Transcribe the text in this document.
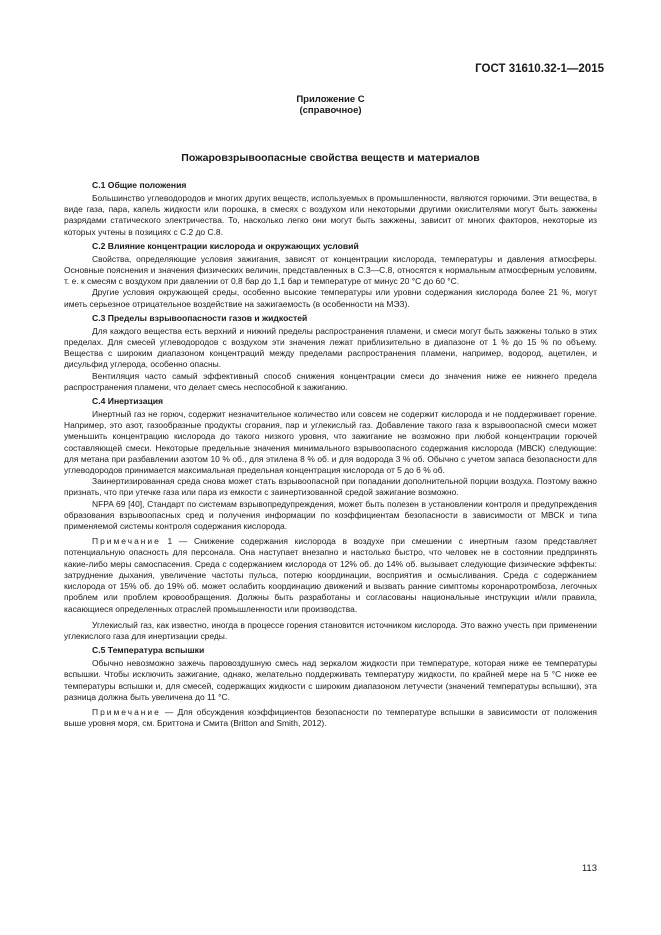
ГОСТ 31610.32-1—2015
Приложение С
(справочное)
Пожаровзрывоопасные свойства веществ и материалов
С.1 Общие положения

Большинство углеводородов и многих других веществ, используемых в промышленности, являются горючими. Эти вещества, в виде газа, пара, капель жидкости или порошка, в смесях с воздухом или некоторыми другими окислителями могут быть зажжены разрядами статического электричества. То, насколько легко они могут быть зажжены, зависит от многих факторов, некоторые из которых учтены в позициях с С.2 до С.8.

С.2 Влияние концентрации кислорода и окружающих условий

Свойства, определяющие условия зажигания, зависят от концентрации кислорода, температуры и давления атмосферы. Основные пояснения и значения физических величин, представленных в С.3—С.8, относятся к нормальным атмосферным условиям, т. е. к смесям с воздухом при давлении от 0,8 бар до 1,1 бар и температуре от минус 20 °С до 60 °С.

Другие условия окружающей среды, особенно высокие температуры или уровни содержания кислорода более 21 %, могут иметь серьезное отрицательное воздействие на зажигаемость (в особенности на МЭЗ).

С.3 Пределы взрывоопасности газов и жидкостей

Для каждого вещества есть верхний и нижний пределы распространения пламени, и смеси могут быть зажжены только в этих пределах. Для смесей углеводородов с воздухом эти значения лежат приблизительно в диапазоне от 1 % до 15 % по объему. Вещества с широким диапазоном концентраций между пределами распространения пламени, например, водород, ацетилен, и дисульфид углерода, особенно опасны.

Вентиляция часто самый эффективный способ снижения концентрации смеси до значения ниже ее нижнего предела распространения пламени, что делает смесь неспособной к зажиганию.

С.4 Инертизация

Инертный газ не горюч, содержит незначительное количество или совсем не содержит кислорода и не поддерживает горение. Например, это азот, газообразные продукты сгорания, пар и углекислый газ. Добавление такого газа к взрывоопасной смеси может уменьшить концентрацию кислорода до такого низкого уровня, что зажигание не возможно при любой концентрации горючей составляющей смеси. Некоторые предельные значения минимального взрывоопасного содержания кислорода (МВСК) следующие: для метана при разбавлении азотом 10 % об., для этилена 8 % об. и для водорода 3 % об. Обычно с учетом запаса безопасности для углеводородов принимается максимальная предельная концентрация кислорода от 5 до 6 % об.

Заинертизированная среда снова может стать взрывоопасной при попадании дополнительной порции воздуха. Поэтому важно признать, что при утечке газа или пара из емкости с заинертизованной средой зажигание возможно.

NFPA 69 [40], Стандарт по системам взрывопредупреждения, может быть полезен в установлении контроля и предупреждения образования взрывоопасных сред и получения информации по коэффициентам безопасности в зависимости от МВСК и типа применяемой системы контроля содержания кислорода.

Примечание 1 — Снижение содержания кислорода в воздухе при смешении с инертным газом представляет потенциальную опасность для персонала. Она наступает внезапно и настолько быстро, что человек не в состоянии предпринять какие-либо меры самоспасения. Среда с содержанием кислорода от 12% об. до 14% об. вызывает следующие физические эффекты: затруднение дыхания, увеличение частоты пульса, потерю координации, восприятия и осмысливания. Среда с содержанием кислорода от 15% об. до 19% об. может ослабить координацию движений и вызвать ранние симптомы коронаротромбоза, легочных проблем или проблем кровообращения. Должны быть разработаны и согласованы национальные инструкции и/или правила, касающиеся определенных отраслей промышленности или производства.

Углекислый газ, как известно, иногда в процессе горения становится источником кислорода. Это важно учесть при применении углекислого газа для инертизации среды.

С.5 Температура вспышки

Обычно невозможно зажечь паровоздушную смесь над зеркалом жидкости при температуре, которая ниже ее температуры вспышки. Чтобы исключить зажигание, однако, желательно поддерживать температуру жидкости, по крайней мере на 5 °С ниже ее температуры вспышки и, для смесей, содержащих жидкости с широким диапазоном летучести (значений температуры вспышки), эта разница должна быть увеличена до 11 °С.

Примечание — Для обсуждения коэффициентов безопасности по температуре вспышки в зависимости от положения выше уровня моря, см. Бриттона и Смита (Britton and Smith, 2012).

113
